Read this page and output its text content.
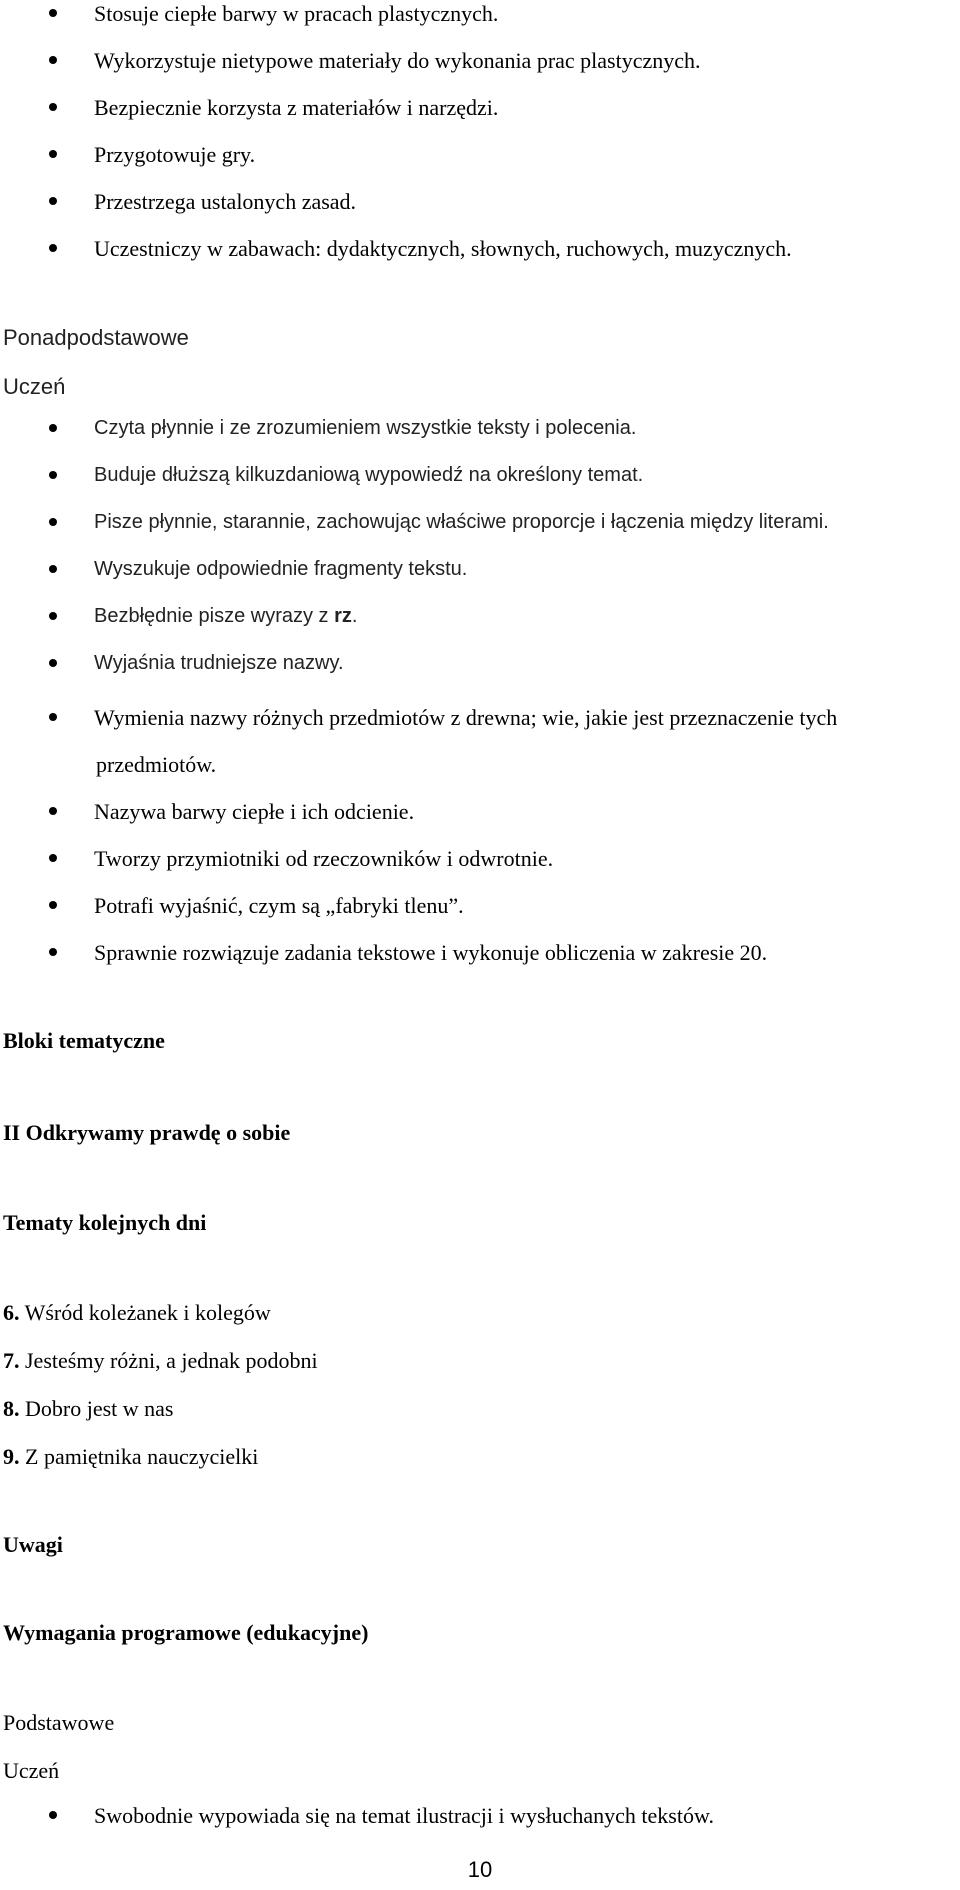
Stosuje ciepłe barwy w pracach plastycznych.
Wykorzystuje nietypowe materiały do wykonania prac plastycznych.
Bezpiecznie korzysta z materiałów i narzędzi.
Przygotowuje gry.
Przestrzega ustalonych zasad.
Uczestniczy w zabawach: dydaktycznych, słownych, ruchowych, muzycznych.
Ponadpodstawowe
Uczeń
Czyta płynnie i ze zrozumieniem wszystkie teksty i polecenia.
Buduje dłuższą kilkuzdaniową wypowiedź na określony temat.
Pisze płynnie, starannie, zachowując właściwe proporcje i łączenia między literami.
Wyszukuje odpowiednie fragmenty tekstu.
Bezbłędnie pisze wyrazy z rz.
Wyjaśnia trudniejsze nazwy.
Wymienia nazwy różnych przedmiotów z drewna; wie, jakie jest przeznaczenie tych
przedmiotów.
Nazywa barwy ciepłe i ich odcienie.
Tworzy przymiotniki od rzeczowników i odwrotnie.
Potrafi wyjaśnić, czym są „fabryki tlenu”.
Sprawnie rozwiązuje zadania tekstowe i wykonuje obliczenia w zakresie 20.
Bloki tematyczne
II Odkrywamy prawdę o sobie
Tematy kolejnych dni
6. Wśród koleżanek i kolegów
7. Jesteśmy różni, a jednak podobni
8. Dobro jest w nas
9. Z pamiętnika nauczycielki
Uwagi
Wymagania programowe (edukacyjne)
Podstawowe
Uczeń
Swobodnie wypowiada się na temat ilustracji i wysłuchanych tekstów.
10
